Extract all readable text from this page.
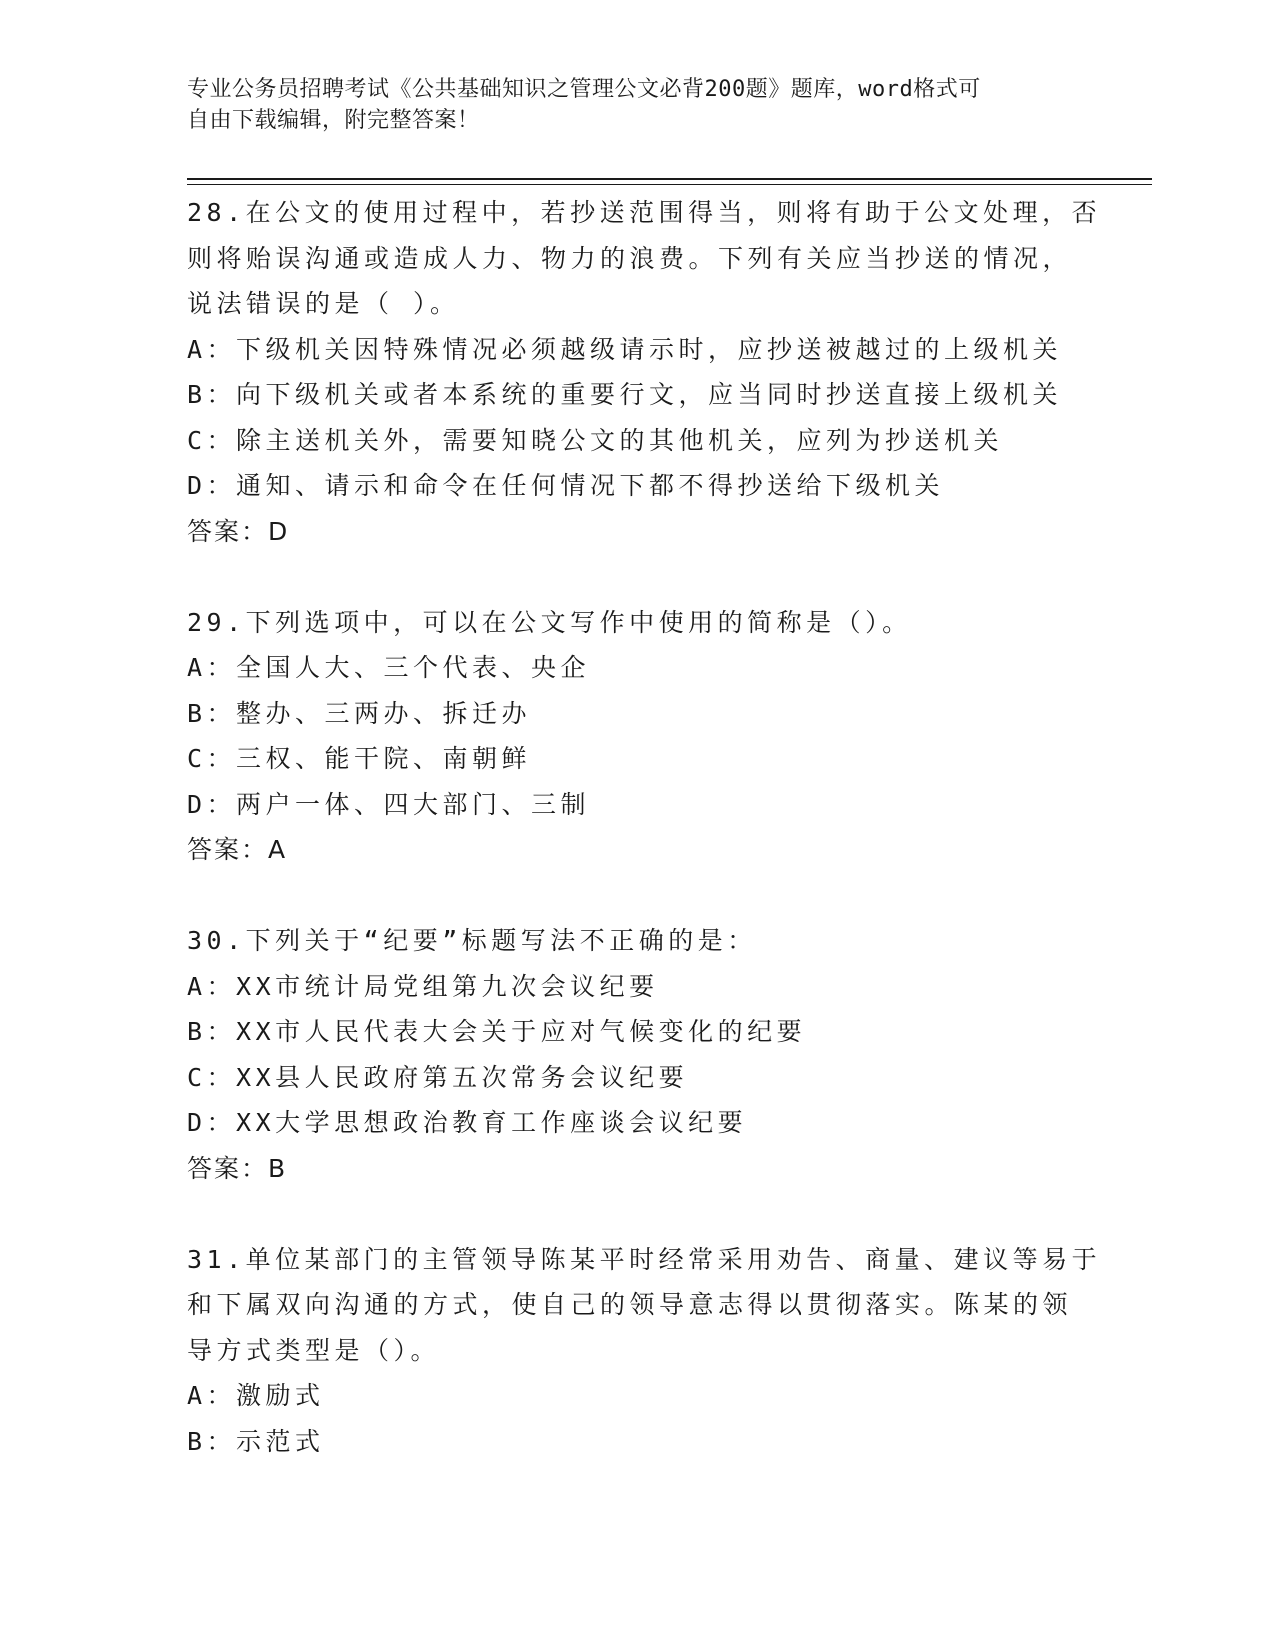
专业公务员招聘考试《公共基础知识之管理公文必背200题》题库，word格式可
自由下载编辑，附完整答案！
28.在公文的使用过程中，若抄送范围得当，则将有助于公文处理，否
则将贻误沟通或造成人力、物力的浪费。下列有关应当抄送的情况，
说法错误的是（ ）。
A：下级机关因特殊情况必须越级请示时，应抄送被越过的上级机关
B：向下级机关或者本系统的重要行文，应当同时抄送直接上级机关
C：除主送机关外，需要知晓公文的其他机关，应列为抄送机关
D：通知、请示和命令在任何情况下都不得抄送给下级机关
答案：D
29.下列选项中，可以在公文写作中使用的简称是（）。
A：全国人大、三个代表、央企
B：整办、三两办、拆迁办
C：三权、能干院、南朝鲜
D：两户一体、四大部门、三制
答案：A
30.下列关于“纪要”标题写法不正确的是：
A：XX市统计局党组第九次会议纪要
B：XX市人民代表大会关于应对气候变化的纪要
C：XX县人民政府第五次常务会议纪要
D：XX大学思想政治教育工作座谈会议纪要
答案：B
31.单位某部门的主管领导陈某平时经常采用劝告、商量、建议等易于
和下属双向沟通的方式，使自己的领导意志得以贯彻落实。陈某的领
导方式类型是（）。
A：激励式
B：示范式
